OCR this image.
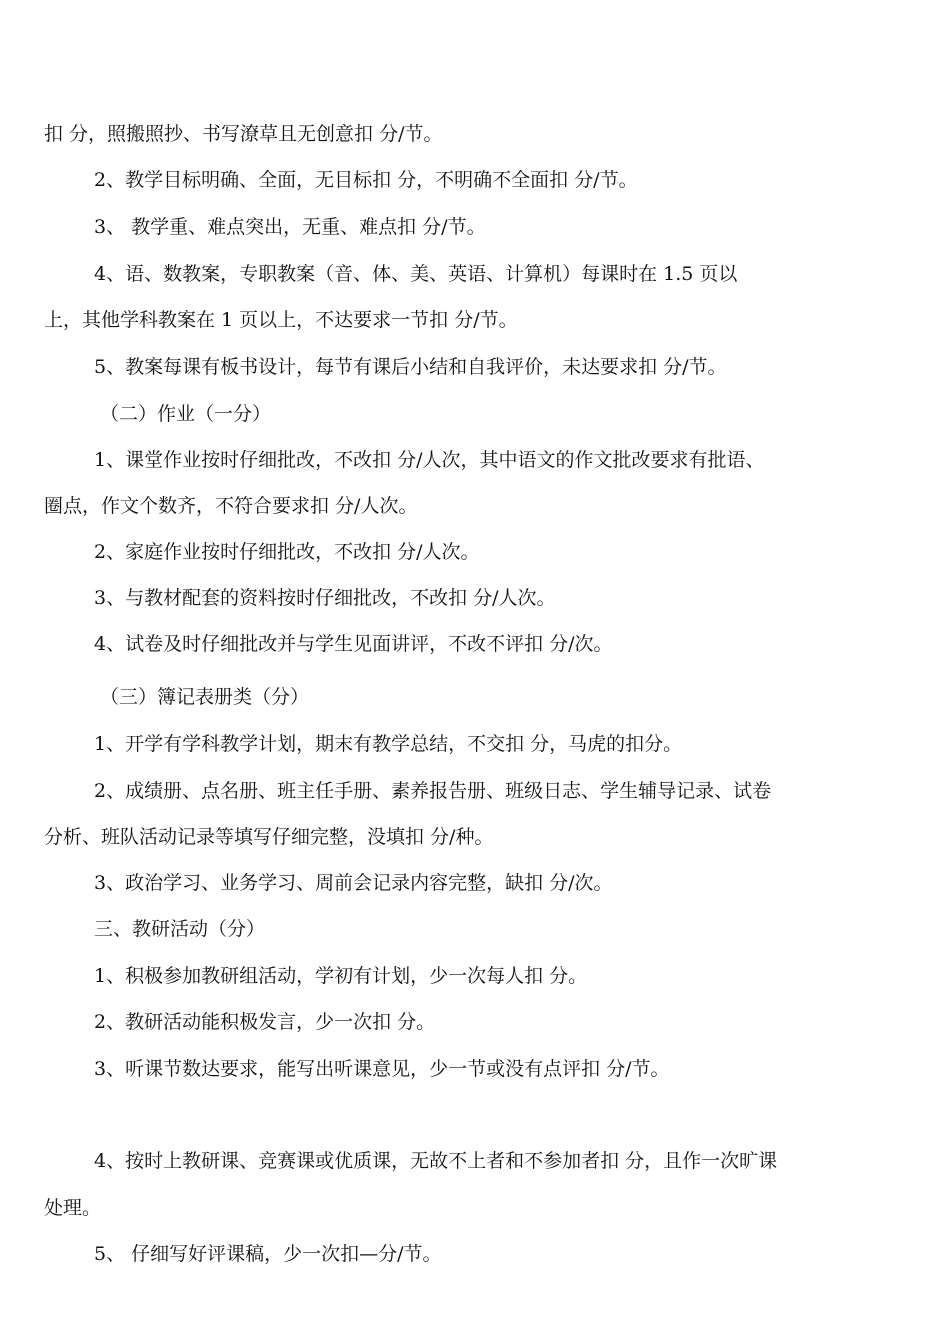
扣 分，照搬照抄、书写潦草且无创意扣 分/节。
2、教学目标明确、全面，无目标扣 分，不明确不全面扣 分/节。
3、 教学重、难点突出，无重、难点扣 分/节。
4、语、数教案，专职教案（音、体、美、英语、计算机）每课时在 1.5 页以
上，其他学科教案在 1 页以上，不达要求一节扣 分/节。
5、教案每课有板书设计，每节有课后小结和自我评价，未达要求扣 分/节。
（二）作业（一分）
1、课堂作业按时仔细批改，不改扣 分/人次，其中语文的作文批改要求有批语、
圈点，作文个数齐，不符合要求扣 分/人次。
2、家庭作业按时仔细批改，不改扣 分/人次。
3、与教材配套的资料按时仔细批改，不改扣 分/人次。
4、试卷及时仔细批改并与学生见面讲评，不改不评扣 分/次。
（三）簿记表册类（分）
1、开学有学科教学计划，期末有教学总结，不交扣 分，马虎的扣分。
2、成绩册、点名册、班主任手册、素养报告册、班级日志、学生辅导记录、试卷
分析、班队活动记录等填写仔细完整，没填扣 分/种。
3、政治学习、业务学习、周前会记录内容完整，缺扣 分/次。
三、教研活动（分）
1、积极参加教研组活动，学初有计划，少一次每人扣 分。
2、教研活动能积极发言，少一次扣 分。
3、听课节数达要求，能写出听课意见，少一节或没有点评扣 分/节。
4、按时上教研课、竞赛课或优质课，无故不上者和不参加者扣 分，且作一次旷课
处理。
5、 仔细写好评课稿，少一次扣—分/节。
